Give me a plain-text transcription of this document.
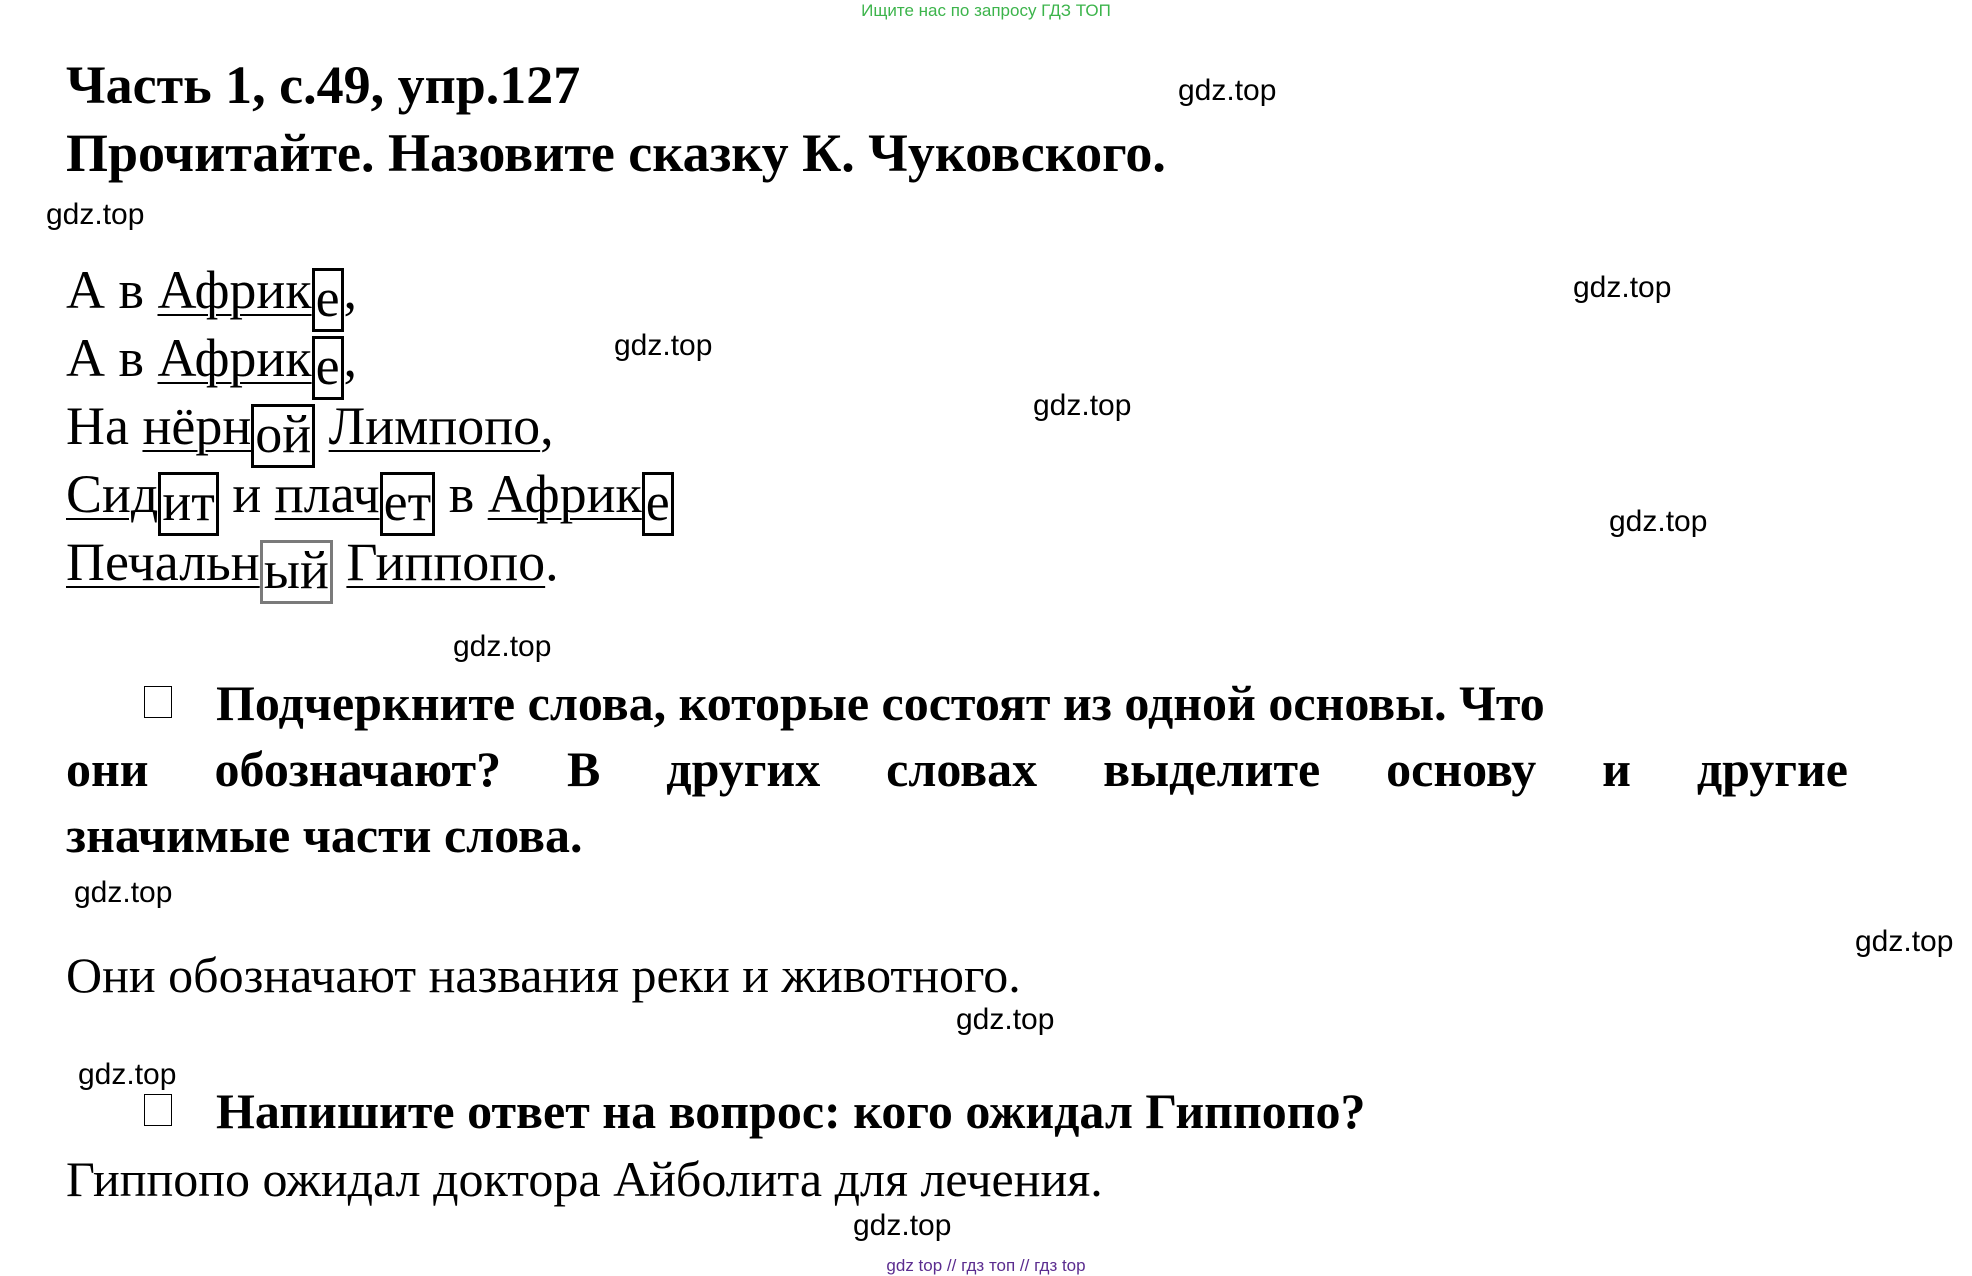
Ищите нас по запросу ГДЗ ТОП
Часть 1, с.49, упр.127
Прочитайте. Назовите сказку К. Чуковского.
А в Африке,
А в Африке,
На нёрной Лимпопо,
Сидит и плачет в Африке
Печальный Гиппопо.
Подчеркните слова, которые состоят из одной основы. Что
они обозначают? В других словах выделите основу и другие
значимые части слова.
Они обозначают названия реки и животного.
Напишите ответ на вопрос: кого ожидал Гиппопо?
Гиппопо ожидал доктора Айболита для лечения.
gdz.top
gdz.top
gdz.top
gdz.top
gdz.top
gdz.top
gdz.top
gdz.top
gdz.top
gdz.top
gdz.top
gdz.top
gdz top // гдз топ // гдз top
